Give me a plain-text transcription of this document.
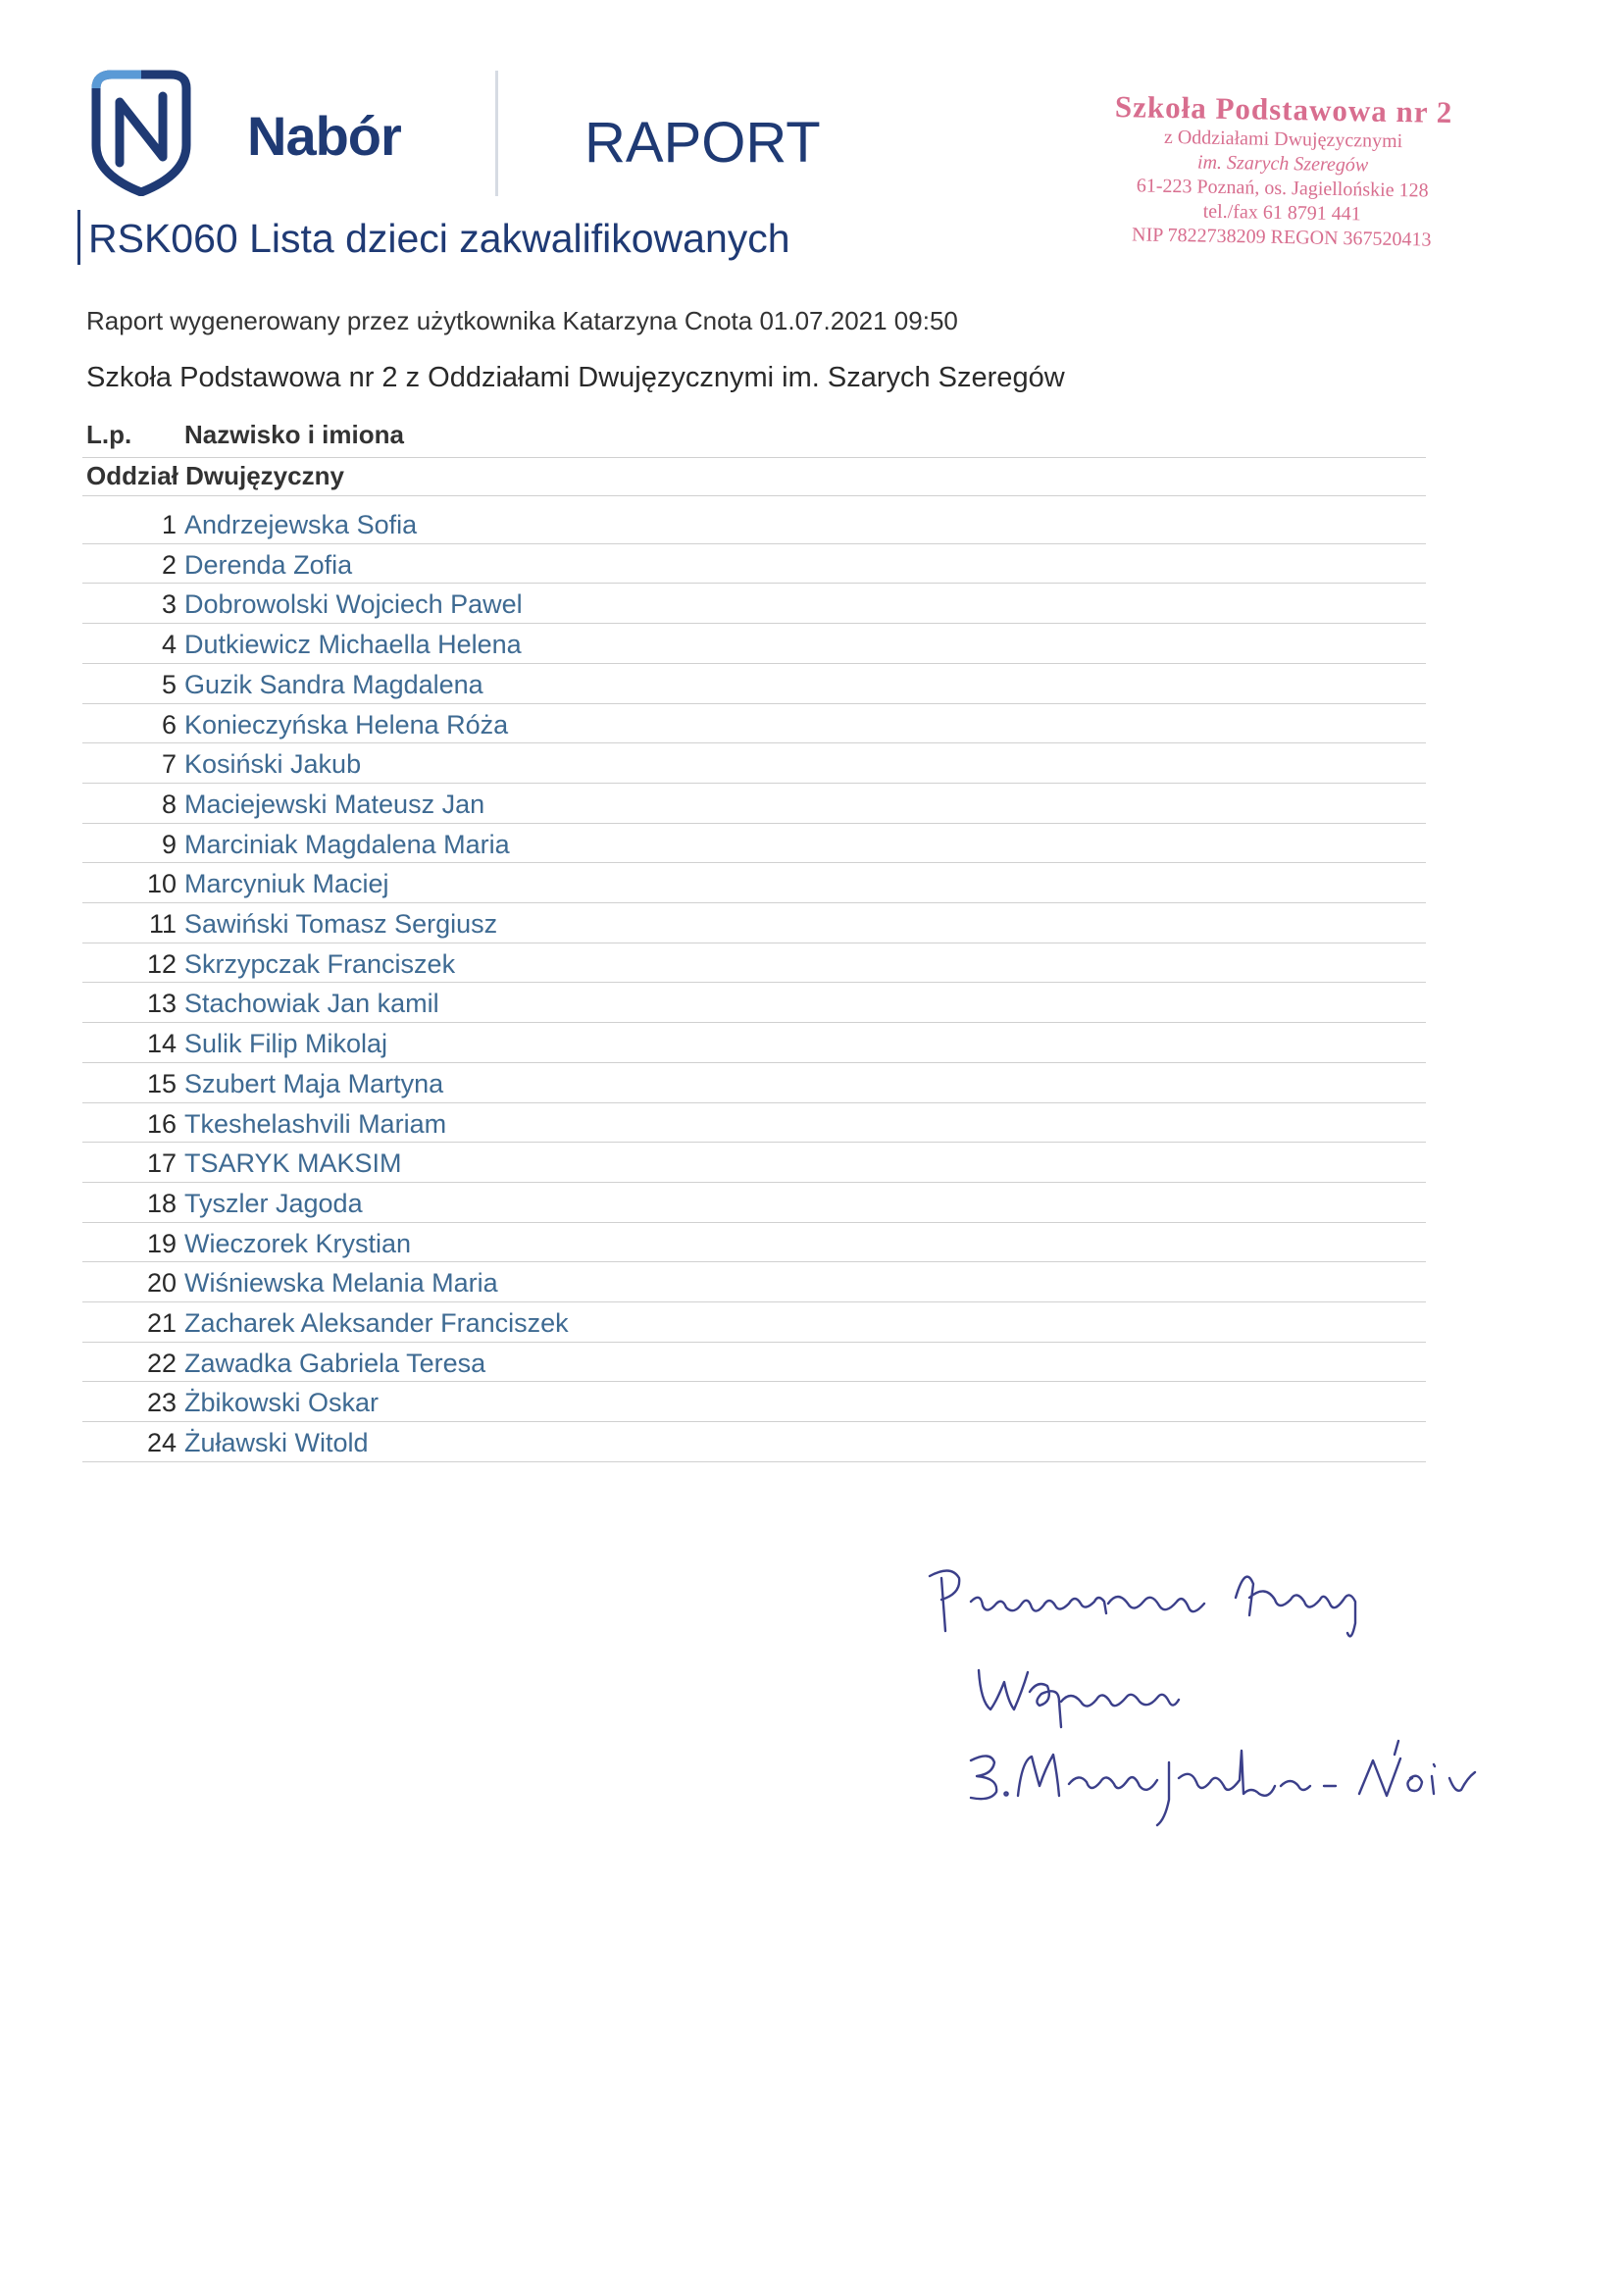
Nabór	RAPORT
RSK060 Lista dzieci zakwalifikowanych
Szkoła Podstawowa nr 2
z Oddziałami Dwujęzycznymi
im. Szarych Szeregów
61-223 Poznań, os. Jagiellońskie 128
tel./fax 61 8791 441
NIP 7822738209 REGON 367520413
Raport wygenerowany przez użytkownika Katarzyna Cnota 01.07.2021 09:50
Szkoła Podstawowa nr 2 z Oddziałami Dwujęzycznymi im. Szarych Szeregów
L.p. Nazwisko i imiona
Oddział Dwujęzyczny
1 Andrzejewska Sofia
2 Derenda Zofia
3 Dobrowolski Wojciech Pawel
4 Dutkiewicz Michaella Helena
5 Guzik Sandra Magdalena
6 Konieczyńska Helena Róża
7 Kosiński Jakub
8 Maciejewski Mateusz Jan
9 Marciniak Magdalena Maria
10 Marcyniuk Maciej
11 Sawiński Tomasz Sergiusz
12 Skrzypczak Franciszek
13 Stachowiak Jan kamil
14 Sulik Filip Mikolaj
15 Szubert Maja Martyna
16 Tkeshelashvili Mariam
17 TSARYK MAKSIM
18 Tyszler Jagoda
19 Wieczorek Krystian
20 Wiśniewska Melania Maria
21 Zacharek Aleksander Franciszek
22 Zawadka Gabriela Teresa
23 Żbikowski Oskar
24 Żuławski Witold
